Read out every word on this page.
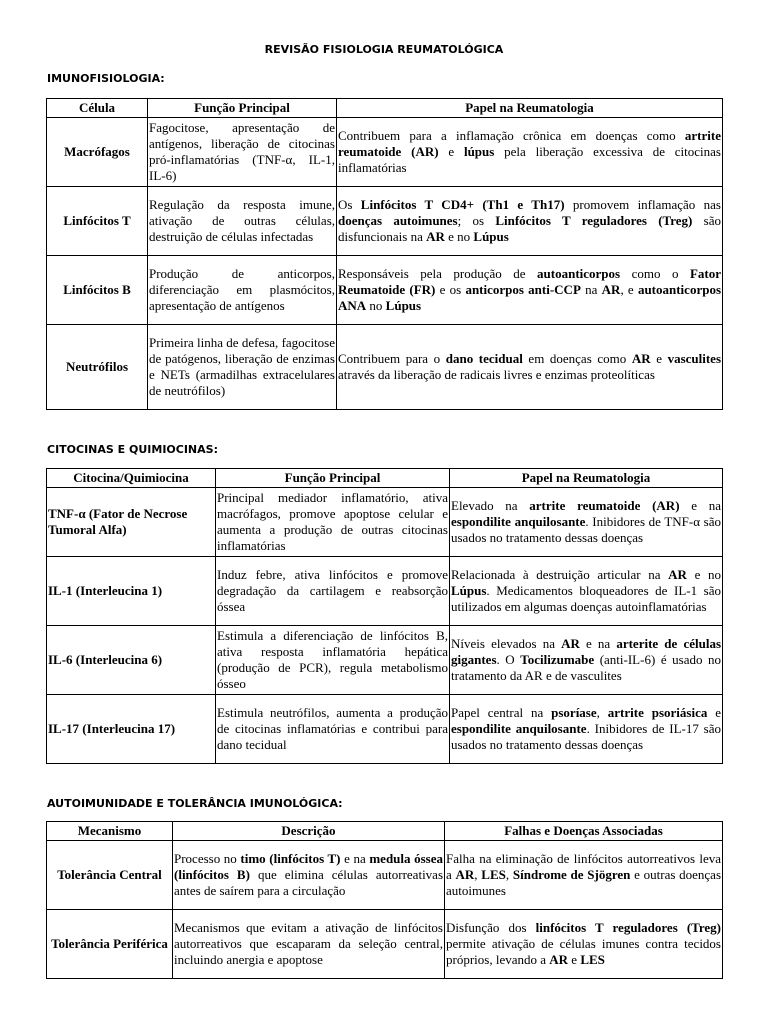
REVISÃO FISIOLOGIA REUMATOLÓGICA
IMUNOFISIOLOGIA:
Célula	Função Principal	Papel na Reumatologia
Macrófagos	Fagocitose, apresentação de antígenos, liberação de citocinas pró-inflamatórias (TNF-α, IL-1, IL-6)	Contribuem para a inflamação crônica em doenças como artrite reumatoide (AR) e lúpus pela liberação excessiva de citocinas inflamatórias
Linfócitos T	Regulação da resposta imune, ativação de outras células, destruição de células infectadas	Os Linfócitos T CD4+ (Th1 e Th17) promovem inflamação nas doenças autoimunes; os Linfócitos T reguladores (Treg) são disfuncionais na AR e no Lúpus
Linfócitos B	Produção de anticorpos, diferenciação em plasmócitos, apresentação de antígenos	Responsáveis pela produção de autoanticorpos como o Fator Reumatoide (FR) e os anticorpos anti-CCP na AR, e autoanticorpos ANA no Lúpus
Neutrófilos	Primeira linha de defesa, fagocitose de patógenos, liberação de enzimas e NETs (armadilhas extracelulares de neutrófilos)	Contribuem para o dano tecidual em doenças como AR e vasculites através da liberação de radicais livres e enzimas proteolíticas
CITOCINAS E QUIMIOCINAS:
Citocina/Quimiocina	Função Principal	Papel na Reumatologia
TNF-α (Fator de Necrose Tumoral Alfa)	Principal mediador inflamatório, ativa macrófagos, promove apoptose celular e aumenta a produção de outras citocinas inflamatórias	Elevado na artrite reumatoide (AR) e na espondilite anquilosante. Inibidores de TNF-α são usados no tratamento dessas doenças
IL-1 (Interleucina 1)	Induz febre, ativa linfócitos e promove degradação da cartilagem e reabsorção óssea	Relacionada à destruição articular na AR e no Lúpus. Medicamentos bloqueadores de IL-1 são utilizados em algumas doenças autoinflamatórias
IL-6 (Interleucina 6)	Estimula a diferenciação de linfócitos B, ativa resposta inflamatória hepática (produção de PCR), regula metabolismo ósseo	Níveis elevados na AR e na arterite de células gigantes. O Tocilizumabe (anti-IL-6) é usado no tratamento da AR e de vasculites
IL-17 (Interleucina 17)	Estimula neutrófilos, aumenta a produção de citocinas inflamatórias e contribui para dano tecidual	Papel central na psoríase, artrite psoriásica e espondilite anquilosante. Inibidores de IL-17 são usados no tratamento dessas doenças
AUTOIMUNIDADE E TOLERÂNCIA IMUNOLÓGICA:
Mecanismo	Descrição	Falhas e Doenças Associadas
Tolerância Central	Processo no timo (linfócitos T) e na medula óssea (linfócitos B) que elimina células autorreativas antes de saírem para a circulação	Falha na eliminação de linfócitos autorreativos leva a AR, LES, Síndrome de Sjögren e outras doenças autoimunes
Tolerância Periférica	Mecanismos que evitam a ativação de linfócitos autorreativos que escaparam da seleção central, incluindo anergia e apoptose	Disfunção dos linfócitos T reguladores (Treg) permite ativação de células imunes contra tecidos próprios, levando a AR e LES
